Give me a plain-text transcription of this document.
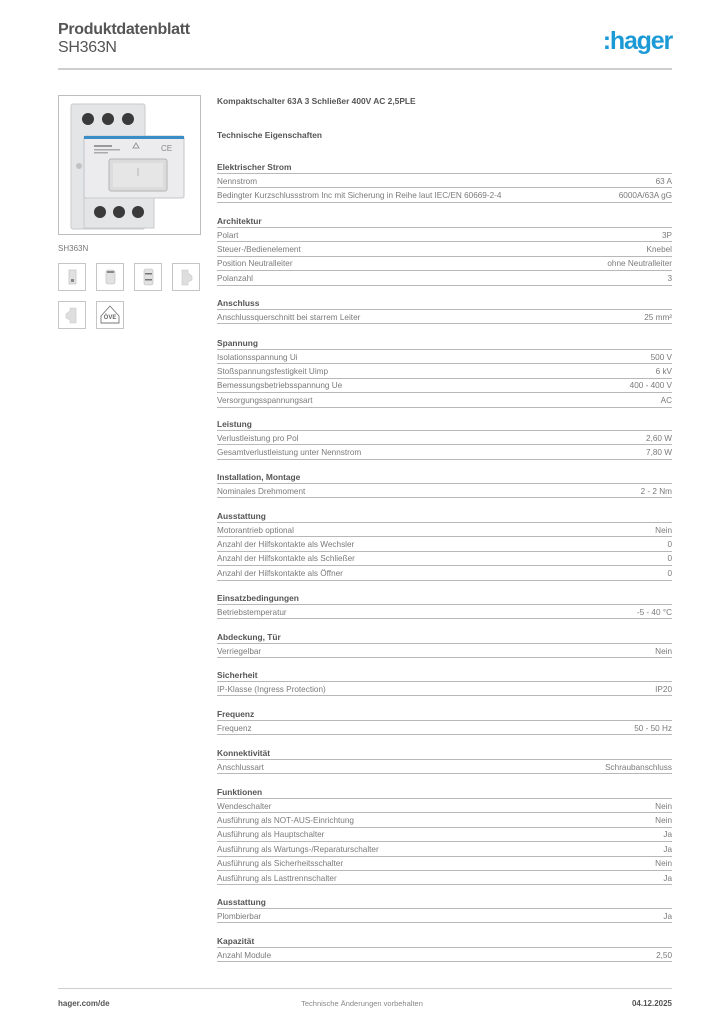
Produktdatenblatt
SH363N	:hager
CE
SH363N
ÖVE
Kompaktschalter 63A 3 Schließer 400V AC 2,5PLE
Technische Eigenschaften
Elektrischer Strom
Nennstrom	63 A
Bedingter Kurzschlussstrom Inc mit Sicherung in Reihe laut IEC/EN 60669-2-4	6000A/63A gG
Architektur
Polart	3P
Steuer-/Bedienelement	Knebel
Position Neutralleiter	ohne Neutralleiter
Polanzahl	3
Anschluss
Anschlussquerschnitt bei starrem Leiter	25 mm²
Spannung
Isolationsspannung Ui	500 V
Stoßspannungsfestigkeit Uimp	6 kV
Bemessungsbetriebsspannung Ue	400 - 400 V
Versorgungsspannungsart	AC
Leistung
Verlustleistung pro Pol	2,60 W
Gesamtverlustleistung unter Nennstrom	7,80 W
Installation, Montage
Nominales Drehmoment	2 - 2 Nm
Ausstattung
Motorantrieb optional	Nein
Anzahl der Hilfskontakte als Wechsler	0
Anzahl der Hilfskontakte als Schließer	0
Anzahl der Hilfskontakte als Öffner	0
Einsatzbedingungen
Betriebstemperatur	-5 - 40 °C
Abdeckung, Tür
Verriegelbar	Nein
Sicherheit
IP-Klasse (Ingress Protection)	IP20
Frequenz
Frequenz	50 - 50 Hz
Konnektivität
Anschlussart	Schraubanschluss
Funktionen
Wendeschalter	Nein
Ausführung als NOT-AUS-Einrichtung	Nein
Ausführung als Hauptschalter	Ja
Ausführung als Wartungs-/Reparaturschalter	Ja
Ausführung als Sicherheitsschalter	Nein
Ausführung als Lasttrennschalter	Ja
Ausstattung
Plombierbar	Ja
Kapazität
Anzahl Module	2,50
hager.com/de	Technische Änderungen vorbehalten	04.12.2025
